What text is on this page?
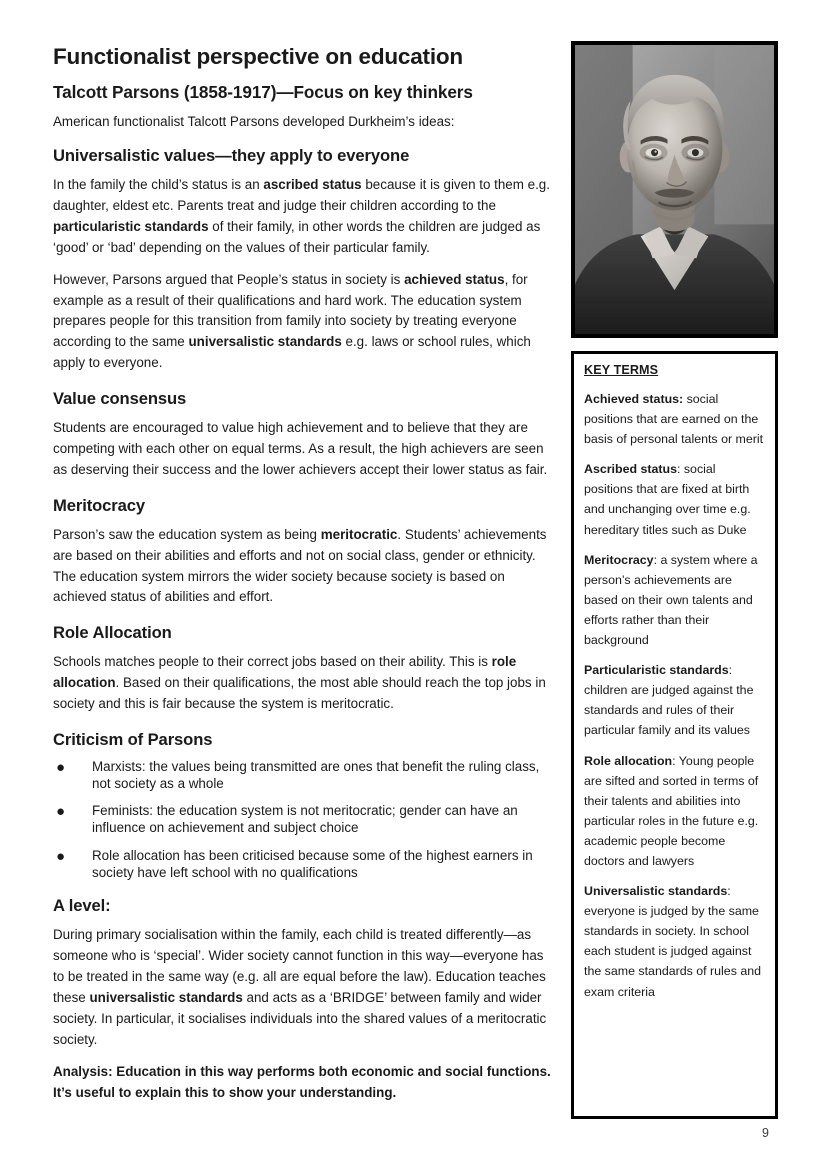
Functionalist perspective on education
Talcott Parsons (1858-1917)—Focus on key thinkers

American functionalist Talcott Parsons developed Durkheim’s ideas:

Universalistic values—they apply to everyone

In the family the child’s status is an ascribed status because it is given to them e.g. daughter, eldest etc. Parents treat and judge their children according to the particularistic standards of their family, in other words the children are judged as ‘good’ or ‘bad’ depending on the values of their particular family.

However, Parsons argued that People’s status in society is achieved status, for example as a result of their qualifications and hard work. The education system prepares people for this transition from family into society by treating everyone according to the same universalistic standards e.g. laws or school rules, which apply to everyone.

Value consensus

Students are encouraged to value high achievement and to believe that they are competing with each other on equal terms. As a result, the high achievers are seen as deserving their success and the lower achievers accept their lower status as fair.

Meritocracy

Parson’s saw the education system as being meritocratic. Students’ achievements are based on their abilities and efforts and not on social class, gender or ethnicity. The education system mirrors the wider society because society is based on achieved status of abilities and effort.

Role Allocation

Schools matches people to their correct jobs based on their ability. This is role allocation. Based on their qualifications, the most able should reach the top jobs in society and this is fair because the system is meritocratic.

Criticism of Parsons
● Marxists: the values being transmitted are ones that benefit the ruling class, not society as a whole
● Feminists: the education system is not meritocratic; gender can have an influence on achievement and subject choice
● Role allocation has been criticised because some of the highest earners in society have left school with no qualifications
A level:

During primary socialisation within the family, each child is treated differently—as someone who is ‘special’. Wider society cannot function in this way—everyone has to be treated in the same way (e.g. all are equal before the law). Education teaches these universalistic standards and acts as a ‘BRIDGE’ between family and wider society. In particular, it socialises individuals into the shared values of a meritocratic society.

Analysis: Education in this way performs both economic and social functions. It’s useful to explain this to show your understanding.

KEY TERMS

Achieved status: social positions that are earned on the basis of personal talents or merit

Ascribed status: social positions that are fixed at birth and unchanging over time e.g. hereditary titles such as Duke

Meritocracy: a system where a person’s achievements are based on their own talents and efforts rather than their background

Particularistic standards: children are judged against the standards and rules of their particular family and its values

Role allocation: Young people are sifted and sorted in terms of their talents and abilities into particular roles in the future e.g. academic people become doctors and lawyers

Universalistic standards: everyone is judged by the same standards in society. In school each student is judged against the same standards of rules and exam criteria

9
